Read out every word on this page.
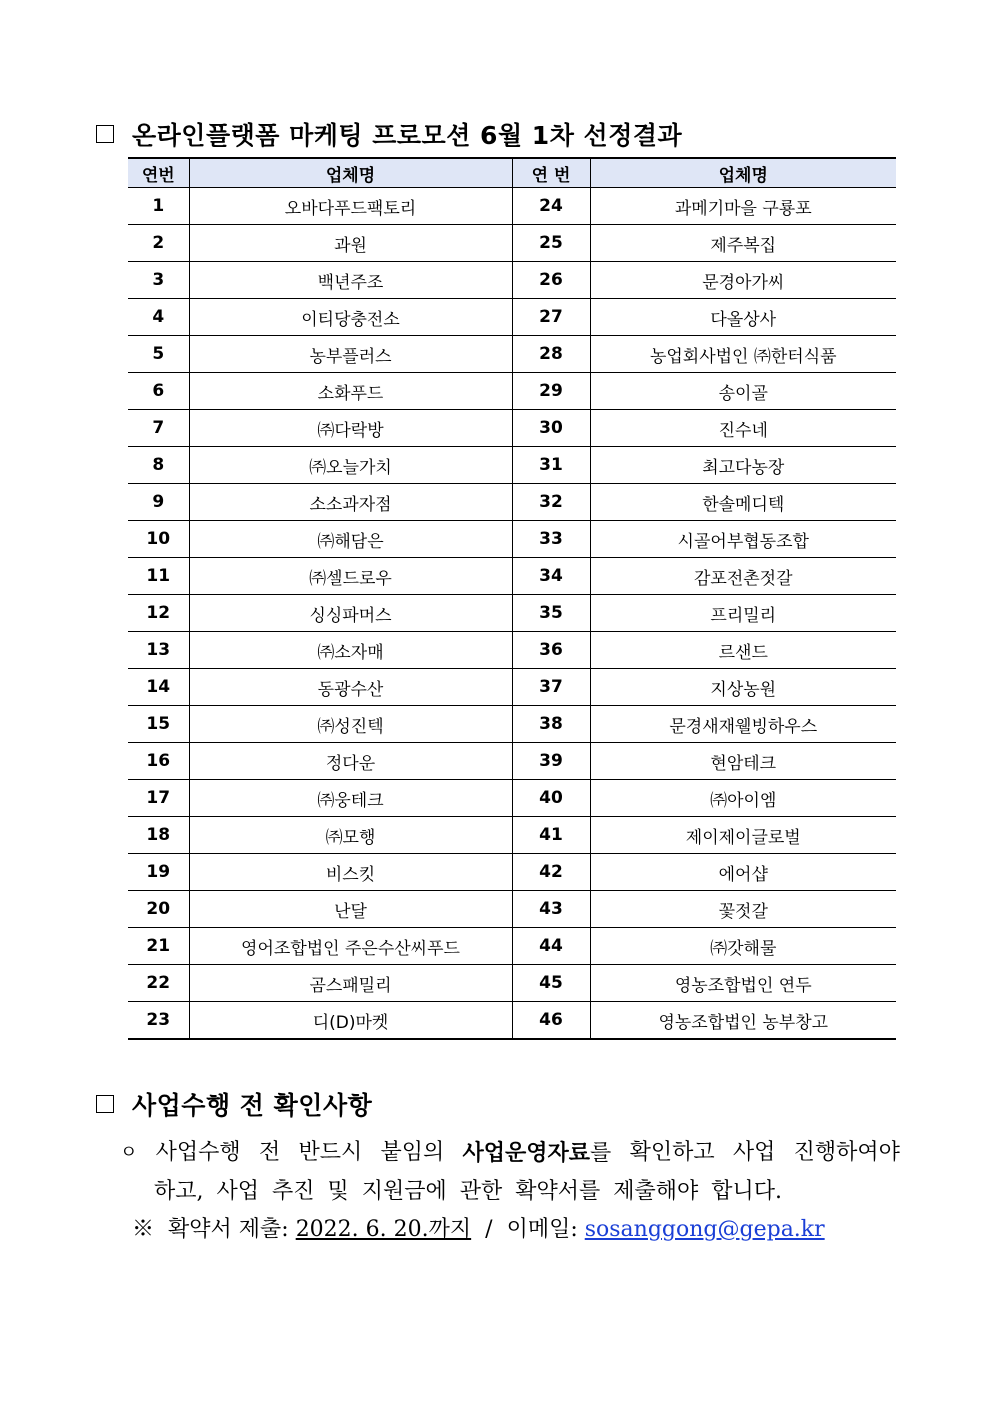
온라인플랫폼 마케팅 프로모션 6월 1차 선정결과
연번	업체명	연 번	업체명
1	오바다푸드팩토리	24	과메기마을 구룡포
2	과원	25	제주복집
3	백년주조	26	문경아가씨
4	이티당충전소	27	다올상사
5	농부플러스	28	농업회사법인 ㈜한터식품
6	소화푸드	29	송이골
7	㈜다락방	30	진수네
8	㈜오늘가치	31	최고다농장
9	소소과자점	32	한솔메디텍
10	㈜해담은	33	시골어부협동조합
11	㈜셀드로우	34	감포전촌젓갈
12	싱싱파머스	35	프리밀리
13	㈜소자매	36	르샌드
14	동광수산	37	지상농원
15	㈜성진텍	38	문경새재웰빙하우스
16	정다운	39	현암테크
17	㈜웅테크	40	㈜아이엠
18	㈜모행	41	제이제이글로벌
19	비스킷	42	에어샵
20	난달	43	꽃젓갈
21	영어조합법인 주은수산씨푸드	44	㈜갓해물
22	곰스패밀리	45	영농조합법인 연두
23	디(D)마켓	46	영농조합법인 농부창고
사업수행 전 확인사항
ㅇ 사업수행 전 반드시 붙임의 사업운영자료를 확인하고 사업 진행하여야
하고, 사업 추진 및 지원금에 관한 확약서를 제출해야 합니다.
※ 확약서 제출: 2022. 6. 20.까지 / 이메일: sosanggong@gepa.kr
